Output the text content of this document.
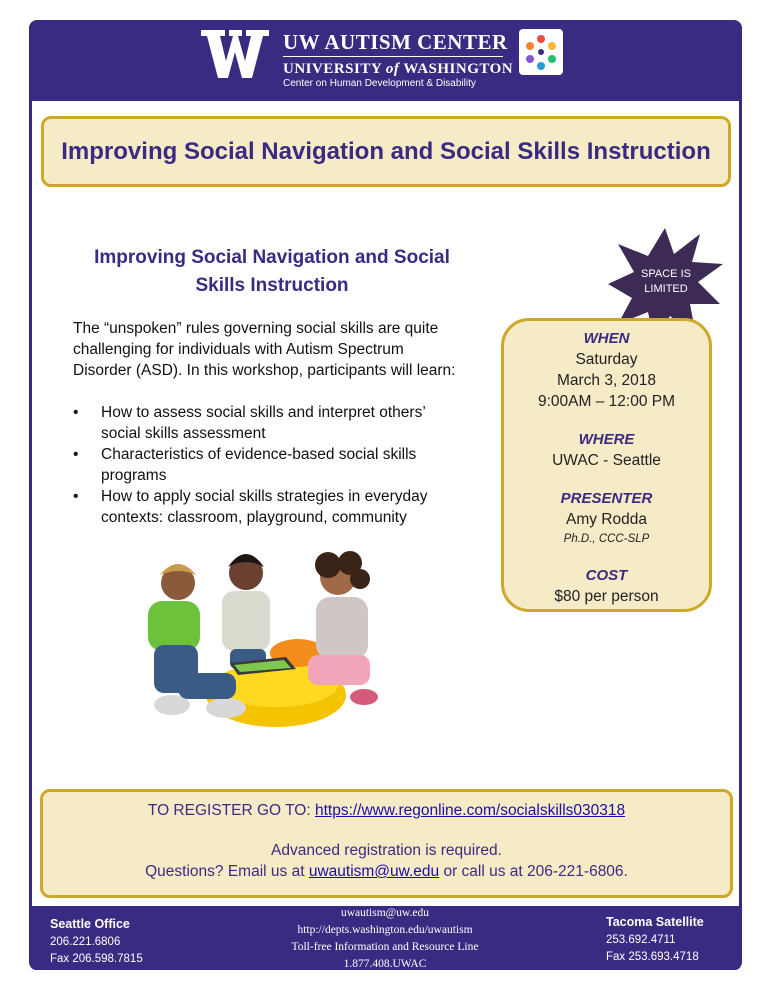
UW AUTISM CENTER
UNIVERSITY of WASHINGTON
Center on Human Development & Disability
Improving Social Navigation and Social Skills Instruction
Improving Social Navigation and Social
Skills Instruction
The “unspoken” rules governing social skills are quite challenging for individuals with Autism Spectrum Disorder (ASD). In this workshop, participants will learn:
• How to assess social skills and interpret others’ social skills assessment
• Characteristics of evidence-based social skills programs
• How to apply social skills strategies in everyday contexts: classroom, playground, community
SPACE IS
LIMITED
WHEN
Saturday
March 3, 2018
9:00AM – 12:00 PM
WHERE
UWAC - Seattle
PRESENTER
Amy Rodda
Ph.D., CCC-SLP
COST
$80 per person
TO REGISTER GO TO: https://www.regonline.com/socialskills030318
Advanced registration is required.
Questions? Email us at uwautism@uw.edu or call us at 206-221-6806.
Seattle Office
206.221.6806
Fax 206.598.7815
uwautism@uw.edu
http://depts.washington.edu/uwautism
Toll-free Information and Resource Line
1.877.408.UWAC
Tacoma Satellite
253.692.4711
Fax 253.693.4718
